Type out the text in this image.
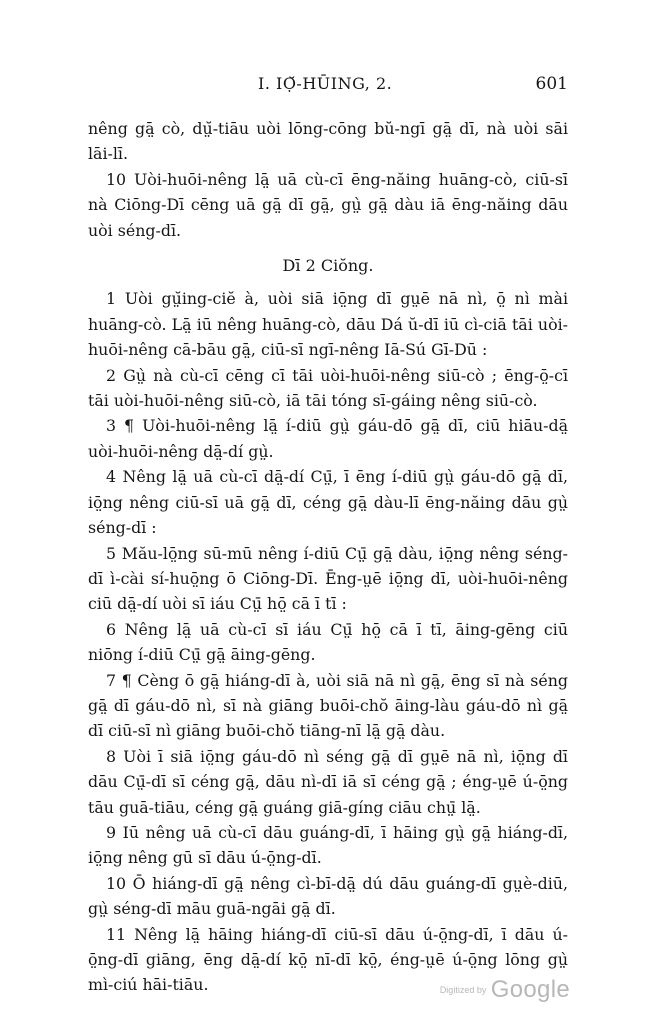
I. IỌ̆-HŪING, 2.	601

nêng gā̤ cò, dṳ̆-tiāu uòi lōng-cōng bŭ-ngī gā̤ dī, nà uòi sāi lāi-lī.

10 Uòi-huōi-nêng lā̤ uā cù-cī ēng-năing huāng-cò, ciū-sī nà Ciōng-Dī cēng uā gā̤ dī gā̤, gṳ̀ gā̤ dàu iā ēng-năing dāu uòi séng-dī.

Dī 2 Ciŏng.

1 Uòi gṳ̆ing-ciĕ à, uòi siā iō̤ng dī gṳē nā nì, ō̤ nì mài huāng-cò. Lā̤ iū nêng huāng-cò, dāu Dá ŭ-dī iū cì-ciā tāi uòi-huōi-nêng cā-bāu gā̤, ciū-sī ngī-nêng Iā-Sú Gī-Dū :

2 Gṳ̀ nà cù-cī cēng cī tāi uòi-huōi-nêng siū-cò ; ēng-ō̤-cī tāi uòi-huōi-nêng siū-cò, iā tāi tóng sī-gáing nêng siū-cò.

3 ¶ Uòi-huōi-nêng lā̤ í-diū gṳ̀ gáu-dō gā̤ dī, ciū hiāu-dā̤ uòi-huōi-nêng dā̤-dí gṳ̀.

4 Nêng lā̤ uā cù-cī dā̤-dí Cṳ̄, ī ēng í-diū gṳ̀ gáu-dō gā̤ dī, iō̤ng nêng ciū-sī uā gā̤ dī, céng gā̤ dàu-lī ēng-năing dāu gṳ̀ séng-dī :

5 Mău-lō̤ng sū-mū nêng í-diū Cṳ̄ gā̤ dàu, iō̤ng nêng séng-dī ì-cài sí-huō̤ng ō Ciōng-Dī. Ēng-ṳē iō̤ng dī, uòi-huōi-nêng ciū dā̤-dí uòi sī iáu Cṳ̄ hō̤ cā ī tī :

6 Nêng lā̤ uā cù-cī sī iáu Cṳ̄ hō̤ cā ī tī, āing-gēng ciū niōng í-diū Cṳ̄ gā̤ āing-gēng.

7 ¶ Cèng ō gā̤ hiáng-dī à, uòi siā nā nì gā̤, ēng sī nà séng gā̤ dī gáu-dō nì, sī nà giāng buōi-chŏ āing-làu gáu-dō nì gā̤ dī ciū-sī nì giāng buōi-chŏ tiāng-nī lā̤ gā̤ dàu.

8 Uòi ī siā iō̤ng gáu-dō nì séng gā̤ dī gṳē nā nì, iō̤ng dī dāu Cṳ̄-dī sī céng gā̤, dāu nì-dī iā sī céng gā̤ ; éng-ṳē ú-ō̤ng tāu guā-tiāu, céng gā̤ guáng giā-gíng ciāu chṳ̄ lā̤.

9 Iū nêng uā cù-cī dāu guáng-dī, ī hāing gṳ̀ gā̤ hiáng-dī, iō̤ng nêng gū sī dāu ú-ō̤ng-dī.

10 Ō hiáng-dī gā̤ nêng cì-bī-dā̤ dú dāu guáng-dī gṳè-diū, gṳ̀ séng-dī māu guā-ngāi gā̤ dī.

11 Nêng lā̤ hāing hiáng-dī ciū-sī dāu ú-ō̤ng-dī, ī dāu ú-ō̤ng-dī giāng, ēng dā̤-dí kō̤ nī-dī kō̤, éng-ṳē ú-ō̤ng lōng gṳ̀ mì-ciú hāi-tiāu.	Digitized by Google
